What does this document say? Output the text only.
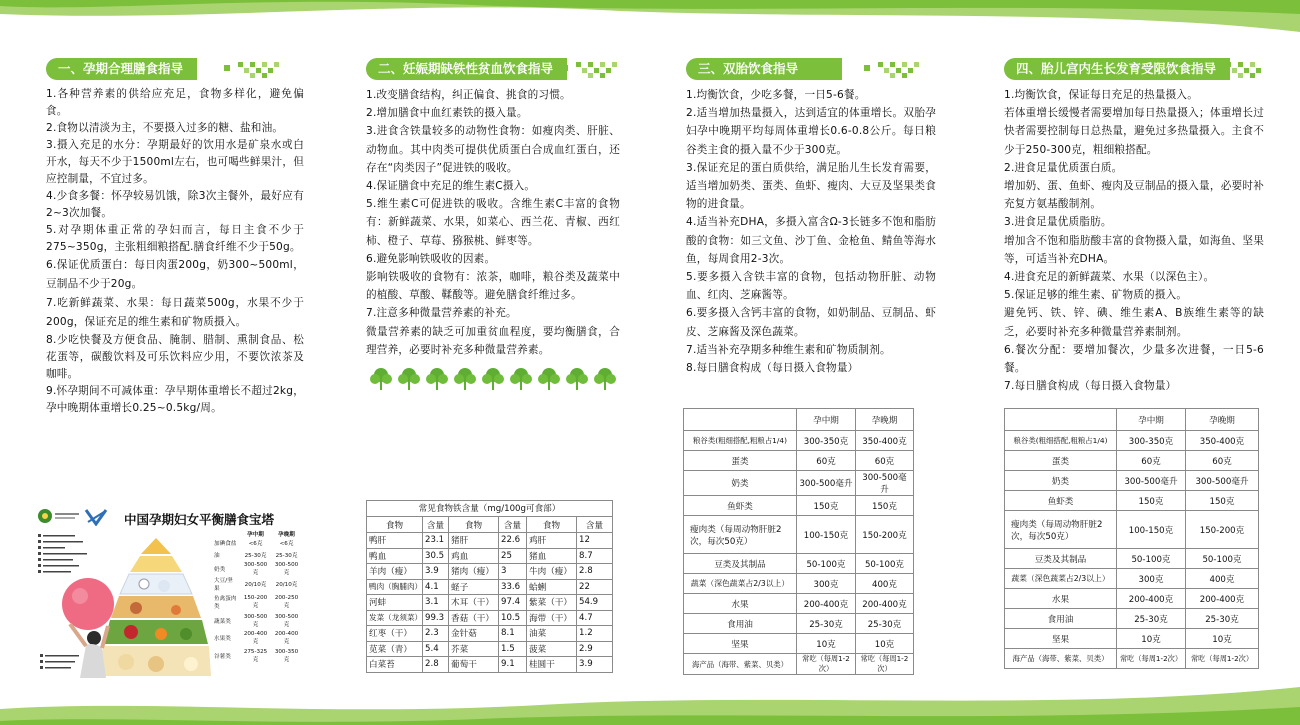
一、孕期合理膳食指导

1.各种营养素的供给应充足，食物多样化，避免偏食。

2.食物以清淡为主，不要摄入过多的糖、盐和油。

3.摄入充足的水分：孕期最好的饮用水是矿泉水或白开水，每天不少于1500ml左右，也可喝些鲜果汁，但应控制量，不宜过多。

4.少食多餐：怀孕较易饥饿，除3次主餐外，最好应有2~3次加餐。

5.对孕期体重正常的孕妇而言，每日主食不少于275~350g，主张粗细粮搭配.膳食纤维不少于50g。

6.保证优质蛋白：每日肉蛋200g，奶300~500ml，豆制品不少于20g。

7.吃新鲜蔬菜、水果：每日蔬菜500g，水果不少于200g，保证充足的维生素和矿物质摄入。

8.少吃快餐及方便食品、腌制、腊制、熏制食品、松花蛋等，碳酸饮料及可乐饮料应少用，不要饮浓茶及咖啡。

9.怀孕期间不可减体重：孕早期体重增长不超过2kg，孕中晚期体重增长0.25~0.5kg/周。

中国孕期妇女平衡膳食宝塔
	孕中期	孕晚期
加碘食盐	<6克	<6克
油	25-30克	25-30克
奶类	300-500克	300-500克
大豆/坚果	20/10克	20/10克
鱼禽蛋肉类	150-200克	200-250克
蔬菜类	300-500克	300-500克
水果类	200-400克	200-400克
谷薯类	275-325克	300-350克
二、妊娠期缺铁性贫血饮食指导

1.改变膳食结构，纠正偏食、挑食的习惯。

2.增加膳食中血红素铁的摄入量。

3.进食含铁量较多的动物性食物：如瘦肉类、肝脏、动物血。其中肉类可提供优质蛋白合成血红蛋白，还存在“肉类因子”促进铁的吸收。

4.保证膳食中充足的维生素C摄入。

5.维生素C可促进铁的吸收。含维生素C丰富的食物有：新鲜蔬菜、水果，如菜心、西兰花、青椒、西红柿、橙子、草莓、猕猴桃、鲜枣等。

6.避免影响铁吸收的因素。

影响铁吸收的食物有：浓茶，咖啡，粮谷类及蔬菜中的植酸、草酸、鞣酸等。避免膳食纤维过多。

7.注意多种微量营养素的补充。

微量营养素的缺乏可加重贫血程度，要均衡膳食，合理营养，必要时补充多种微量营养素。

常见食物铁含量（mg/100g可食部）
食物	含量	食物	含量	食物	含量
鸭肝	23.1	猪肝	22.6	鸡肝	12
鸭血	30.5	鸡血	25	猪血	8.7
羊肉（瘦）	3.9	猪肉（瘦）	3	牛肉（瘦）	2.8
鸭肉（胸脯肉）	4.1	蛏子	33.6	蛤蜊	22
河蚌	3.1	木耳（干）	97.4	紫菜（干）	54.9
发菜（龙须菜）	99.3	香菇（干）	10.5	海带（干）	4.7
红枣（干）	2.3	金针菇	8.1	油菜	1.2
苋菜（青）	5.4	芥菜	1.5	菠菜	2.9
白菜苔	2.8	葡萄干	9.1	桂圆干	3.9
三、双胎饮食指导

1.均衡饮食，少吃多餐，一日5-6餐。

2.适当增加热量摄入，达到适宜的体重增长。双胎孕妇孕中晚期平均每周体重增长0.6-0.8公斤。每日粮谷类主食的摄入量不少于300克。

3.保证充足的蛋白质供给，满足胎儿生长发育需要，适当增加奶类、蛋类、鱼虾、瘦肉、大豆及坚果类食物的进食量。

4.适当补充DHA，多摄入富含Ω-3长链多不饱和脂肪酸的食物：如三文鱼、沙丁鱼、金枪鱼、鲭鱼等海水鱼，每周食用2-3次。

5.要多摄入含铁丰富的食物，包括动物肝脏、动物血、红肉、芝麻酱等。

6.要多摄入含钙丰富的食物，如奶制品、豆制品、虾皮、芝麻酱及深色蔬菜。

7.适当补充孕期多种维生素和矿物质制剂。

8.每日膳食构成（每日摄入食物量）

	孕中期	孕晚期
粮谷类(粗细搭配,粗粮占1/4)	300-350克	350-400克
蛋类	60克	60克
奶类	300-500毫升	300-500毫升
鱼虾类	150克	150克
瘦肉类（每周动物肝脏2次，每次50克）	100-150克	150-200克
豆类及其制品	50-100克	50-100克
蔬菜（深色蔬菜占2/3以上）	300克	400克
水果	200-400克	200-400克
食用油	25-30克	25-30克
坚果	10克	10克
海产品（海带、紫菜、贝类）	常吃（每周1-2次）	常吃（每周1-2次）
四、胎儿宫内生长发育受限饮食指导

1.均衡饮食，保证每日充足的热量摄入。

若体重增长缓慢者需要增加每日热量摄入；体重增长过快者需要控制每日总热量，避免过多热量摄入。主食不少于250-300克，粗细粮搭配。

2.进食足量优质蛋白质。

增加奶、蛋、鱼虾、瘦肉及豆制品的摄入量，必要时补充复方氨基酸制剂。

3.进食足量优质脂肪。

增加含不饱和脂肪酸丰富的食物摄入量，如海鱼、坚果等，可适当补充DHA。

4.进食充足的新鲜蔬菜、水果（以深色主）。

5.保证足够的维生素、矿物质的摄入。

避免钙、铁、锌、碘、维生素A、B族维生素等的缺乏，必要时补充多种微量营养素制剂。

6.餐次分配：要增加餐次，少量多次进餐，一日5-6餐。

7.每日膳食构成（每日摄入食物量）

	孕中期	孕晚期
粮谷类(粗细搭配,粗粮占1/4)	300-350克	350-400克
蛋类	60克	60克
奶类	300-500毫升	300-500毫升
鱼虾类	150克	150克
瘦肉类（每周动物肝脏2次，每次50克）	100-150克	150-200克
豆类及其制品	50-100克	50-100克
蔬菜（深色蔬菜占2/3以上）	300克	400克
水果	200-400克	200-400克
食用油	25-30克	25-30克
坚果	10克	10克
海产品（海带、紫菜、贝类）	常吃（每周1-2次）	常吃（每周1-2次）
